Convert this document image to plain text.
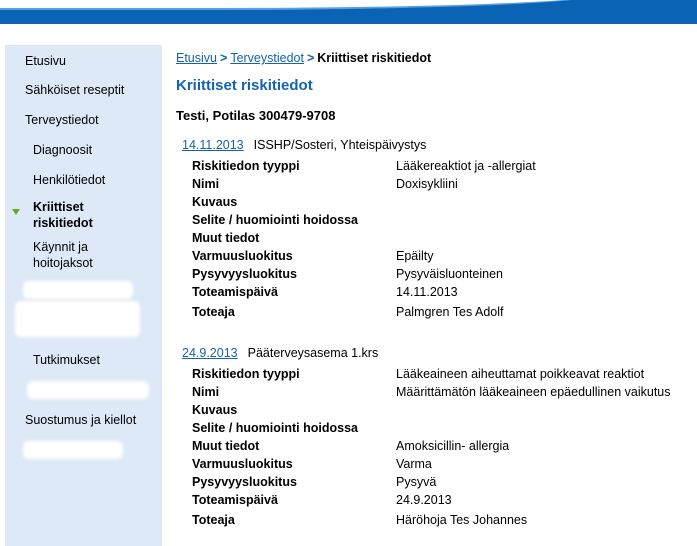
Etusivu
Sähköiset reseptit
Terveystiedot
Diagnoosit
Henkilötiedot
Kriittiset riskitiedot
Käynnit ja hoitojaksot
Tutkimukset
Suostumus ja kiellot
Etusivu > Terveystiedot > Kriittiset riskitiedot
Kriittiset riskitiedot
Testi, Potilas 300479-9708
14.11.2013 ISSHP/Sosteri, Yhteispäivystys
Riskitiedon tyyppi	Lääkereaktiot ja -allergiat
Nimi	Doxisykliini
Kuvaus
Selite / huomiointi hoidossa
Muut tiedot
Varmuusluokitus	Epäilty
Pysyvyysluokitus	Pysyväisluonteinen
Toteamispäivä	14.11.2013
Toteaja	Palmgren Tes Adolf
24.9.2013 Pääterveysasema 1.krs
Riskitiedon tyyppi	Lääkeaineen aiheuttamat poikkeavat reaktiot
Nimi	Määrittämätön lääkeaineen epäedullinen vaikutus
Kuvaus
Selite / huomiointi hoidossa
Muut tiedot	Amoksicillin- allergia
Varmuusluokitus	Varma
Pysyvyysluokitus	Pysyvä
Toteamispäivä	24.9.2013
Toteaja	Häröhoja Tes Johannes
